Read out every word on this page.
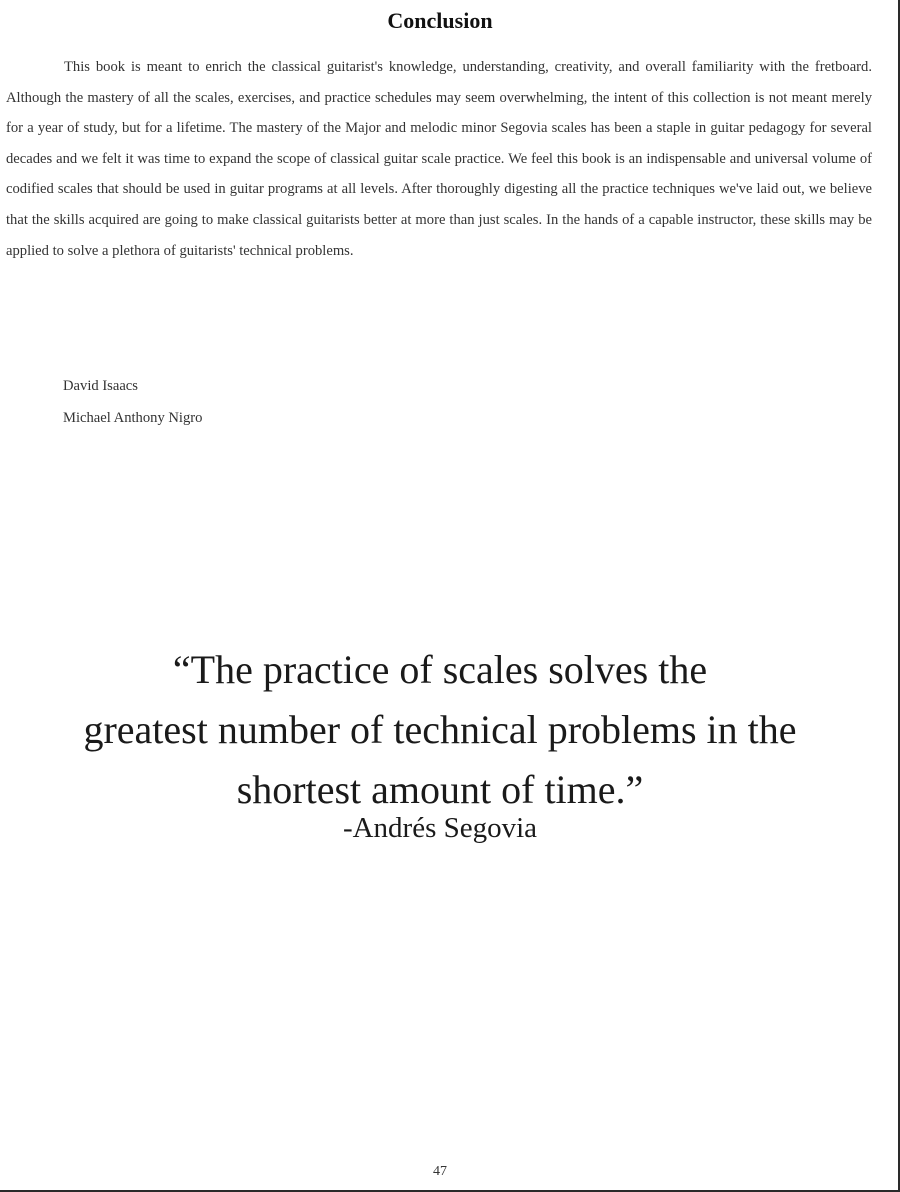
Conclusion

This book is meant to enrich the classical guitarist's knowledge, understanding, creativity, and overall familiarity with the fretboard. Although the mastery of all the scales, exercises, and practice schedules may seem overwhelming, the intent of this collection is not meant merely for a year of study, but for a lifetime. The mastery of the Major and melodic minor Segovia scales has been a staple in guitar pedagogy for several decades and we felt it was time to expand the scope of classical guitar scale practice. We feel this book is an indispensable and universal volume of codified scales that should be used in guitar programs at all levels. After thoroughly digesting all the practice techniques we've laid out, we believe that the skills acquired are going to make classical guitarists better at more than just scales. In the hands of a capable instructor, these skills may be applied to solve a plethora of guitarists' technical problems.

David Isaacs
Michael Anthony Nigro
“The practice of scales solves the
greatest number of technical problems in the
shortest amount of time.”
-Andrés Segovia
47
